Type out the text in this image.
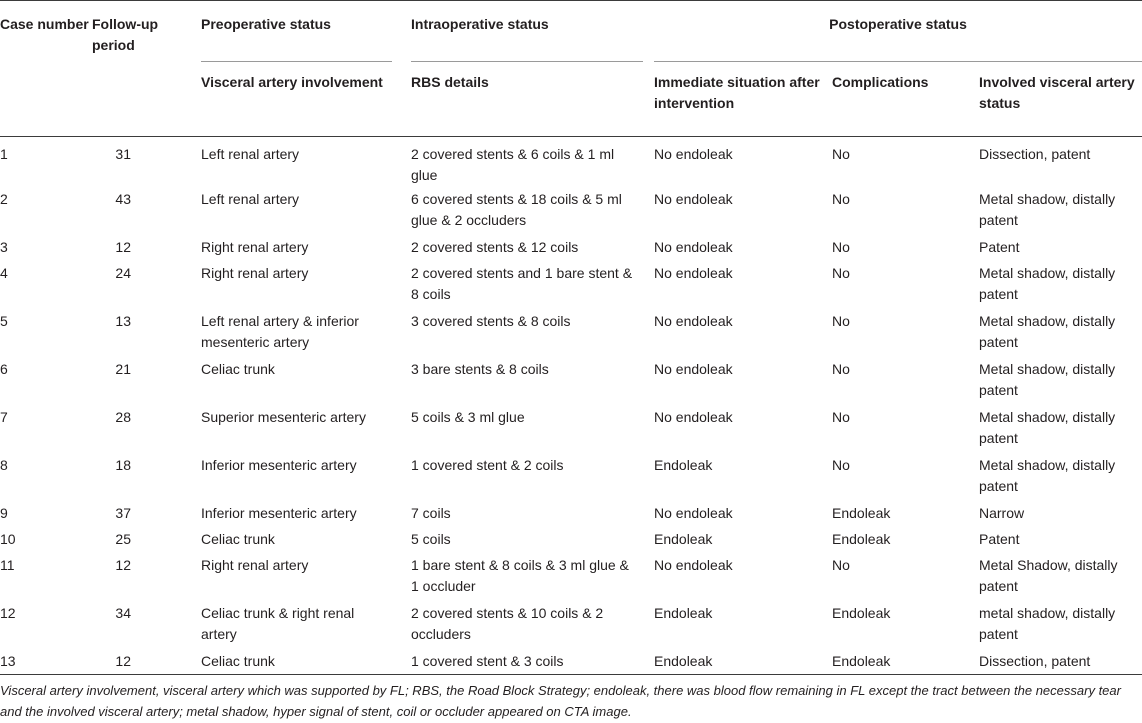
Case number	Follow-up period	Preoperative status	Intraoperative status	Postoperative status		

		Visceral artery involvement	RBS details	Immediate situation after intervention	Complications	Involved visceral artery status

1	31	Left renal artery	2 covered stents & 6 coils & 1 ml glue	No endoleak	No	Dissection, patent
2	43	Left renal artery	6 covered stents & 18 coils & 5 ml glue & 2 occluders	No endoleak	No	Metal shadow, distally patent
3	12	Right renal artery	2 covered stents & 12 coils	No endoleak	No	Patent
4	24	Right renal artery	2 covered stents and 1 bare stent & 8 coils	No endoleak	No	Metal shadow, distally patent
5	13	Left renal artery & inferior mesenteric artery	3 covered stents & 8 coils	No endoleak	No	Metal shadow, distally patent
6	21	Celiac trunk	3 bare stents & 8 coils	No endoleak	No	Metal shadow, distally patent
7	28	Superior mesenteric artery	5 coils & 3 ml glue	No endoleak	No	Metal shadow, distally patent
8	18	Inferior mesenteric artery	1 covered stent & 2 coils	Endoleak	No	Metal shadow, distally patent
9	37	Inferior mesenteric artery	7 coils	No endoleak	Endoleak	Narrow
10	25	Celiac trunk	5 coils	Endoleak	Endoleak	Patent
11	12	Right renal artery	1 bare stent & 8 coils & 3 ml glue & 1 occluder	No endoleak	No	Metal Shadow, distally patent
12	34	Celiac trunk & right renal artery	2 covered stents & 10 coils & 2 occluders	Endoleak	Endoleak	metal shadow, distally patent
13	12	Celiac trunk	1 covered stent & 3 coils	Endoleak	Endoleak	Dissection, patent
Visceral artery involvement, visceral artery which was supported by FL; RBS, the Road Block Strategy; endoleak, there was blood flow remaining in FL except the tract between the necessary tear and the involved visceral artery; metal shadow, hyper signal of stent, coil or occluder appeared on CTA image.
